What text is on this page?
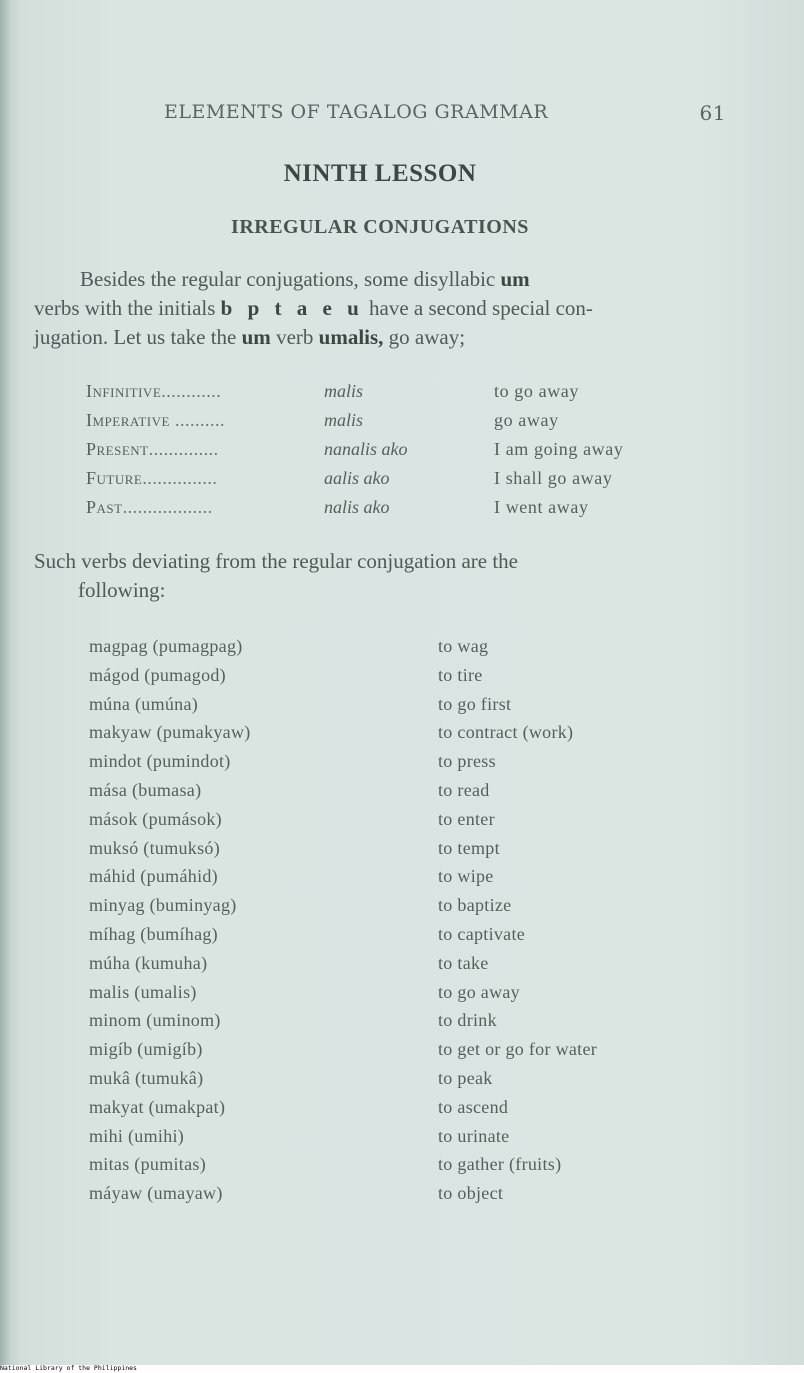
ELEMENTS OF TAGALOG GRAMMAR	61
NINTH LESSON
IRREGULAR CONJUGATIONS
Besides the regular conjugations, some disyllabic um
verbs with the initials b p t a e u have a second special con-
jugation. Let us take the um verb umalis, go away;
Infinitive............	malis	to go away
Imperative ..........	malis	go away
Present..............	nanalis ako	I am going away
Future...............	aalis ako	I shall go away
Past..................	nalis ako	I went away
Such verbs deviating from the regular conjugation are the
following:
magpag (pumagpag)	to wag
mágod (pumagod)	to tire
múna (umúna)	to go first
makyaw (pumakyaw)	to contract (work)
mindot (pumindot)	to press
mása (bumasa)	to read
mások (pumások)	to enter
muksó (tumuksó)	to tempt
máhid (pumáhid)	to wipe
minyag (buminyag)	to baptize
míhag (bumíhag)	to captivate
múha (kumuha)	to take
malis (umalis)	to go away
minom (uminom)	to drink
migíb (umigíb)	to get or go for water
mukâ (tumukâ)	to peak
makyat (umakpat)	to ascend
mihi (umihi)	to urinate
mitas (pumitas)	to gather (fruits)
máyaw (umayaw)	to object
National Library of the Philippines
